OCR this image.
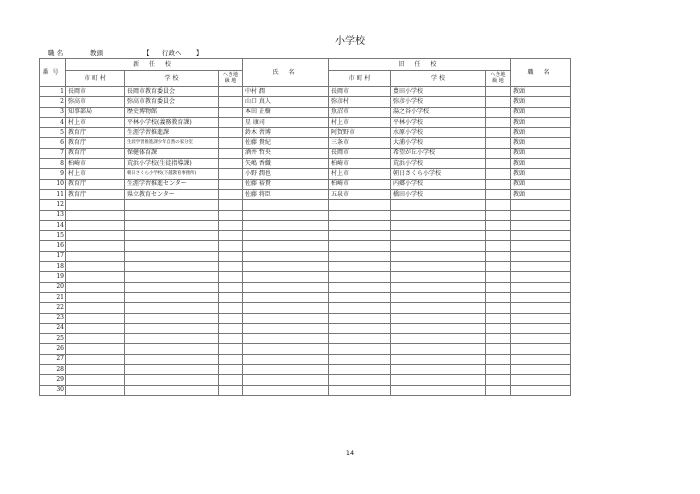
小学校
職 名	教頭	【 行政へ 】
番号	新 任 校			氏 名	旧 任 校			職 名
	市 町 村	学 校	へき地 級 地		市 町 村	学 校	へき地 級 地	
1	長岡市	長岡市教育委員会		中村 潤	長岡市	豊田小学校		教頭
2	弥高市	弥高市教育委員会		山口 真人	弥彦村	弥彦小学校		教頭
3	知事部局	歴史博物館		本田 正樹	魚沼市	湯之谷小学校		教頭
4	村上市	平林小学校(義務教育課)		星 康司	村上市	平林小学校		教頭
5	教育庁	生涯学習推進課		鈴木 習博	阿賀野市	水原小学校		教頭
6	教育庁	生涯学習推進課少年自然の家分室		佐藤 貴紀	三条市	大浦小学校		教頭
7	教育庁	保健体育課		酒井 哲央	長岡市	希望が丘小学校		教頭
8	柏崎市	荒浜小学校(生徒指導課)		矢嶋 香織	柏崎市	荒浜小学校		教頭
9	村上市	朝日さくら小学校(下越教育事務所)		小野 潤也	村上市	朝日さくら小学校		教頭
10	教育庁	生涯学習推進センター		佐藤 裕貴	柏崎市	内郷小学校		教頭
11	教育庁	県立教育センター		佐藤 将臣	五泉市	橋田小学校		教頭
12								
13								
14								
15								
16								
17								
18								
19								
20								
21								
22								
23								
24								
25								
26								
27								
28								
29								
30								
14
